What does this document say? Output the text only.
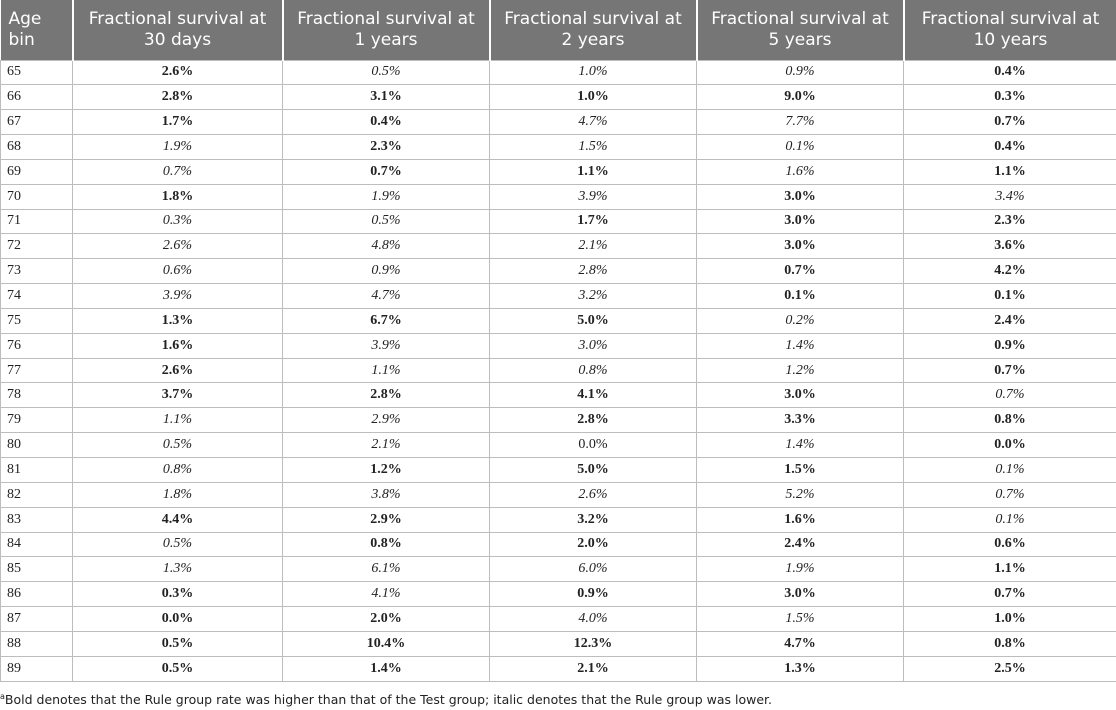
Age bin	Fractional survival at 30 days	Fractional survival at 1 years	Fractional survival at 2 years	Fractional survival at 5 years	Fractional survival at 10 years
65	2.6%	0.5%	1.0%	0.9%	0.4%
66	2.8%	3.1%	1.0%	9.0%	0.3%
67	1.7%	0.4%	4.7%	7.7%	0.7%
68	1.9%	2.3%	1.5%	0.1%	0.4%
69	0.7%	0.7%	1.1%	1.6%	1.1%
70	1.8%	1.9%	3.9%	3.0%	3.4%
71	0.3%	0.5%	1.7%	3.0%	2.3%
72	2.6%	4.8%	2.1%	3.0%	3.6%
73	0.6%	0.9%	2.8%	0.7%	4.2%
74	3.9%	4.7%	3.2%	0.1%	0.1%
75	1.3%	6.7%	5.0%	0.2%	2.4%
76	1.6%	3.9%	3.0%	1.4%	0.9%
77	2.6%	1.1%	0.8%	1.2%	0.7%
78	3.7%	2.8%	4.1%	3.0%	0.7%
79	1.1%	2.9%	2.8%	3.3%	0.8%
80	0.5%	2.1%	0.0%	1.4%	0.0%
81	0.8%	1.2%	5.0%	1.5%	0.1%
82	1.8%	3.8%	2.6%	5.2%	0.7%
83	4.4%	2.9%	3.2%	1.6%	0.1%
84	0.5%	0.8%	2.0%	2.4%	0.6%
85	1.3%	6.1%	6.0%	1.9%	1.1%
86	0.3%	4.1%	0.9%	3.0%	0.7%
87	0.0%	2.0%	4.0%	1.5%	1.0%
88	0.5%	10.4%	12.3%	4.7%	0.8%
89	0.5%	1.4%	2.1%	1.3%	2.5%
$^a$Bold denotes that the Rule group rate was higher than that of the Test group; italic denotes that the Rule group was lower.
